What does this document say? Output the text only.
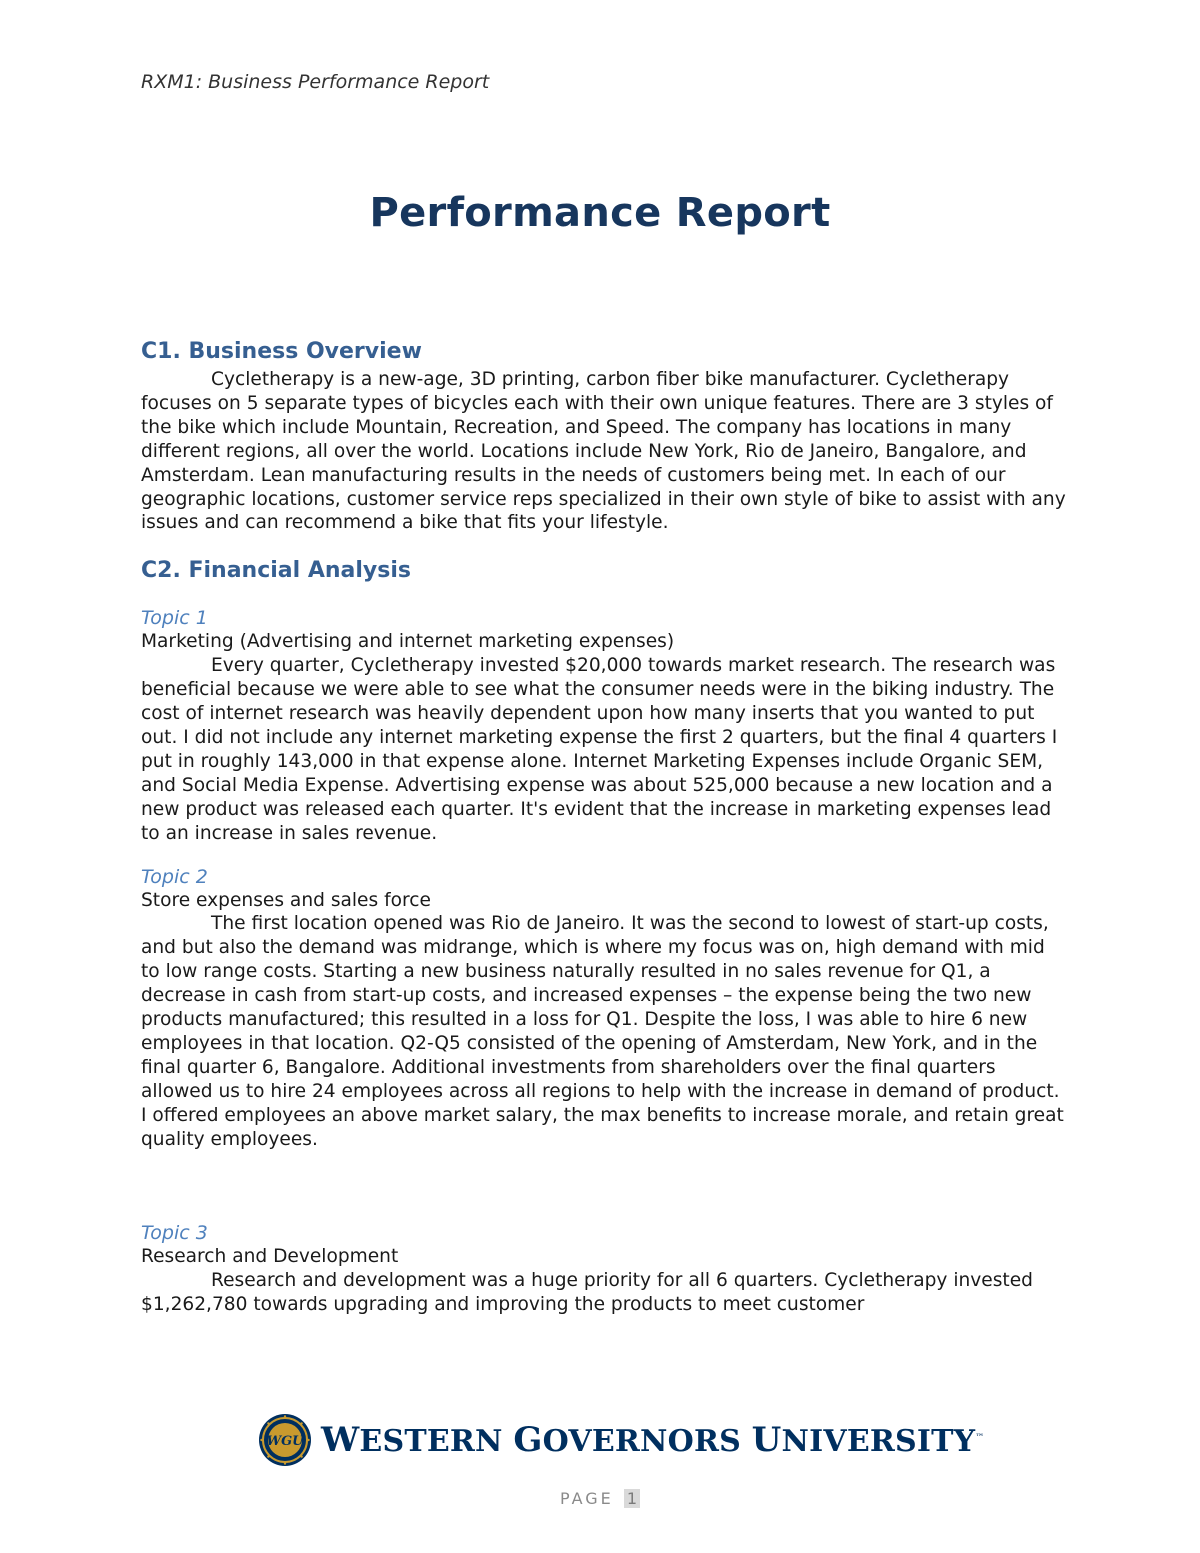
RXM1: Business Performance Report
Performance Report
C1. Business Overview

Cycletherapy is a new-age, 3D printing, carbon fiber bike manufacturer. Cycletherapy focuses on 5 separate types of bicycles each with their own unique features. There are 3 styles of the bike which include Mountain, Recreation, and Speed. The company has locations in many different regions, all over the world. Locations include New York, Rio de Janeiro, Bangalore, and Amsterdam. Lean manufacturing results in the needs of customers being met. In each of our geographic locations, customer service reps specialized in their own style of bike to assist with any issues and can recommend a bike that fits your lifestyle.

C2. Financial Analysis

Topic 1

Marketing (Advertising and internet marketing expenses)

Every quarter, Cycletherapy invested $20,000 towards market research. The research was beneficial because we were able to see what the consumer needs were in the biking industry. The cost of internet research was heavily dependent upon how many inserts that you wanted to put out. I did not include any internet marketing expense the first 2 quarters, but the final 4 quarters I put in roughly 143,000 in that expense alone. Internet Marketing Expenses include Organic SEM, and Social Media Expense. Advertising expense was about 525,000 because a new location and a new product was released each quarter. It's evident that the increase in marketing expenses lead to an increase in sales revenue.

Topic 2

Store expenses and sales force

The first location opened was Rio de Janeiro. It was the second to lowest of start-up costs, and but also the demand was midrange, which is where my focus was on, high demand with mid to low range costs. Starting a new business naturally resulted in no sales revenue for Q1, a decrease in cash from start-up costs, and increased expenses – the expense being the two new products manufactured; this resulted in a loss for Q1. Despite the loss, I was able to hire 6 new employees in that location. Q2-Q5 consisted of the opening of Amsterdam, New York, and in the final quarter 6, Bangalore. Additional investments from shareholders over the final quarters allowed us to hire 24 employees across all regions to help with the increase in demand of product. I offered employees an above market salary, the max benefits to increase morale, and retain great quality employees.

Topic 3

Research and Development

Research and development was a huge priority for all 6 quarters. Cycletherapy invested $1,262,780 towards upgrading and improving the products to meet customer

WGU WESTERN GOVERNORS UNIVERSITY™
PAGE 1
